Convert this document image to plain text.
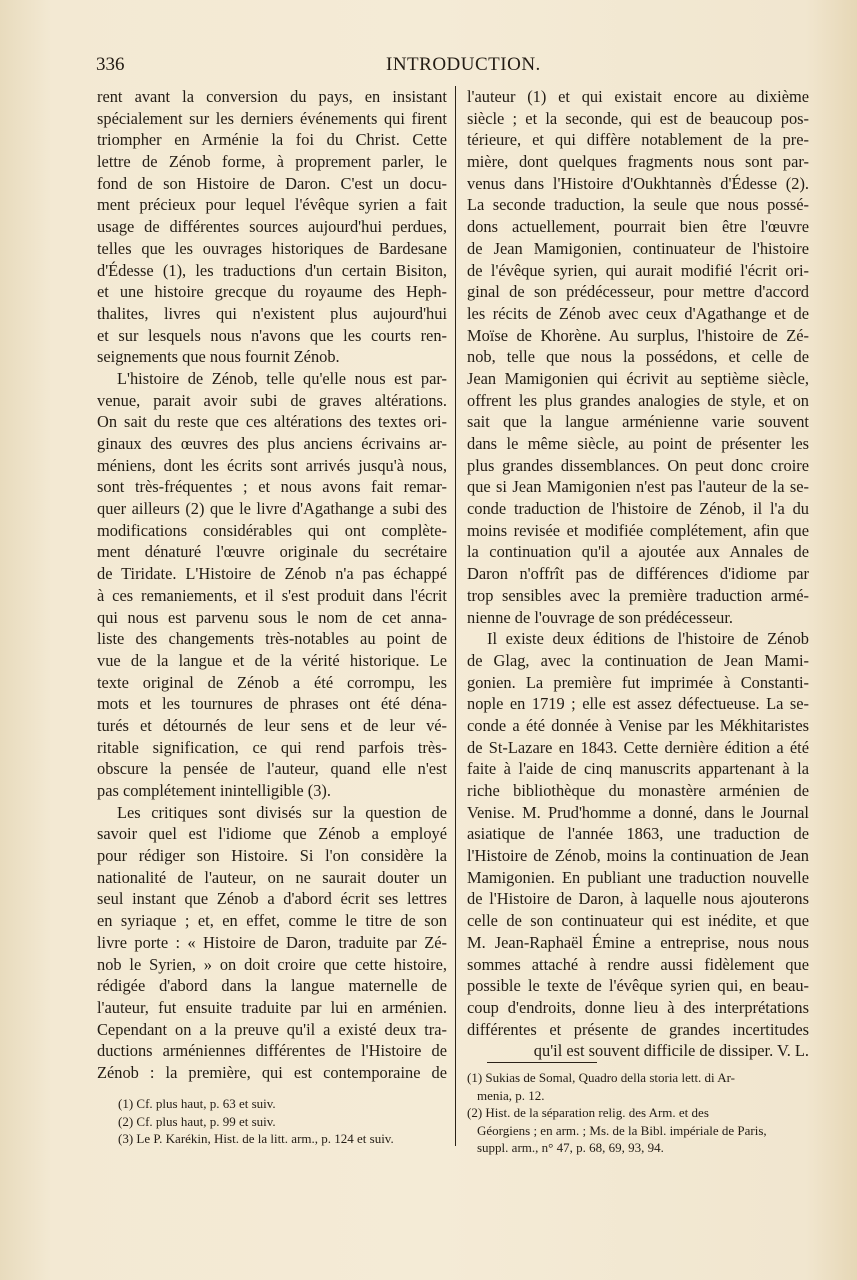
336	INTRODUCTION.
rent avant la conversion du pays, en insistant
spécialement sur les derniers événements qui firent
triompher en Arménie la foi du Christ. Cette
lettre de Zénob forme, à proprement parler, le
fond de son Histoire de Daron. C'est un docu-
ment précieux pour lequel l'évêque syrien a fait
usage de différentes sources aujourd'hui perdues,
telles que les ouvrages historiques de Bardesane
d'Édesse (1), les traductions d'un certain Bisiton,
et une histoire grecque du royaume des Heph-
thalites, livres qui n'existent plus aujourd'hui
et sur lesquels nous n'avons que les courts ren-
seignements que nous fournit Zénob.
L'histoire de Zénob, telle qu'elle nous est par-
venue, parait avoir subi de graves altérations.
On sait du reste que ces altérations des textes ori-
ginaux des œuvres des plus anciens écrivains ar-
méniens, dont les écrits sont arrivés jusqu'à nous,
sont très-fréquentes ; et nous avons fait remar-
quer ailleurs (2) que le livre d'Agathange a subi des
modifications considérables qui ont complète-
ment dénaturé l'œuvre originale du secrétaire
de Tiridate. L'Histoire de Zénob n'a pas échappé
à ces remaniements, et il s'est produit dans l'écrit
qui nous est parvenu sous le nom de cet anna-
liste des changements très-notables au point de
vue de la langue et de la vérité historique. Le
texte original de Zénob a été corrompu, les
mots et les tournures de phrases ont été déna-
turés et détournés de leur sens et de leur vé-
ritable signification, ce qui rend parfois très-
obscure la pensée de l'auteur, quand elle n'est
pas complétement inintelligible (3).
Les critiques sont divisés sur la question de
savoir quel est l'idiome que Zénob a employé
pour rédiger son Histoire. Si l'on considère la
nationalité de l'auteur, on ne saurait douter un
seul instant que Zénob a d'abord écrit ses lettres
en syriaque ; et, en effet, comme le titre de son
livre porte : « Histoire de Daron, traduite par Zé-
nob le Syrien, » on doit croire que cette histoire,
rédigée d'abord dans la langue maternelle de
l'auteur, fut ensuite traduite par lui en arménien.
Cependant on a la preuve qu'il a existé deux tra-
ductions arméniennes différentes de l'Histoire de
Zénob : la première, qui est contemporaine de
l'auteur (1) et qui existait encore au dixième
siècle ; et la seconde, qui est de beaucoup pos-
térieure, et qui diffère notablement de la pre-
mière, dont quelques fragments nous sont par-
venus dans l'Histoire d'Oukhtannès d'Édesse (2).
La seconde traduction, la seule que nous possé-
dons actuellement, pourrait bien être l'œuvre
de Jean Mamigonien, continuateur de l'histoire
de l'évêque syrien, qui aurait modifié l'écrit ori-
ginal de son prédécesseur, pour mettre d'accord
les récits de Zénob avec ceux d'Agathange et de
Moïse de Khorène. Au surplus, l'histoire de Zé-
nob, telle que nous la possédons, et celle de
Jean Mamigonien qui écrivit au septième siècle,
offrent les plus grandes analogies de style, et on
sait que la langue arménienne varie souvent
dans le même siècle, au point de présenter les
plus grandes dissemblances. On peut donc croire
que si Jean Mamigonien n'est pas l'auteur de la se-
conde traduction de l'histoire de Zénob, il l'a du
moins revisée et modifiée complétement, afin que
la continuation qu'il a ajoutée aux Annales de
Daron n'offrît pas de différences d'idiome par
trop sensibles avec la première traduction armé-
nienne de l'ouvrage de son prédécesseur.
Il existe deux éditions de l'histoire de Zénob
de Glag, avec la continuation de Jean Mami-
gonien. La première fut imprimée à Constanti-
nople en 1719 ; elle est assez défectueuse. La se-
conde a été donnée à Venise par les Mékhitaristes
de St-Lazare en 1843. Cette dernière édition a été
faite à l'aide de cinq manuscrits appartenant à la
riche bibliothèque du monastère arménien de
Venise. M. Prud'homme a donné, dans le Journal
asiatique de l'année 1863, une traduction de
l'Histoire de Zénob, moins la continuation de Jean
Mamigonien. En publiant une traduction nouvelle
de l'Histoire de Daron, à laquelle nous ajouterons
celle de son continuateur qui est inédite, et que
M. Jean-Raphaël Émine a entreprise, nous nous
sommes attaché à rendre aussi fidèlement que
possible le texte de l'évêque syrien qui, en beau-
coup d'endroits, donne lieu à des interprétations
différentes et présente de grandes incertitudes
qu'il est souvent difficile de dissiper. V. L.
(1) Cf. plus haut, p. 63 et suiv.
(2) Cf. plus haut, p. 99 et suiv.
(3) Le P. Karékin, Hist. de la litt. arm., p. 124 et suiv.
(1) Sukias de Somal, Quadro della storia lett. di Ar-
menia, p. 12.
(2) Hist. de la séparation relig. des Arm. et des
Géorgiens ; en arm. ; Ms. de la Bibl. impériale de Paris,
suppl. arm., n° 47, p. 68, 69, 93, 94.
